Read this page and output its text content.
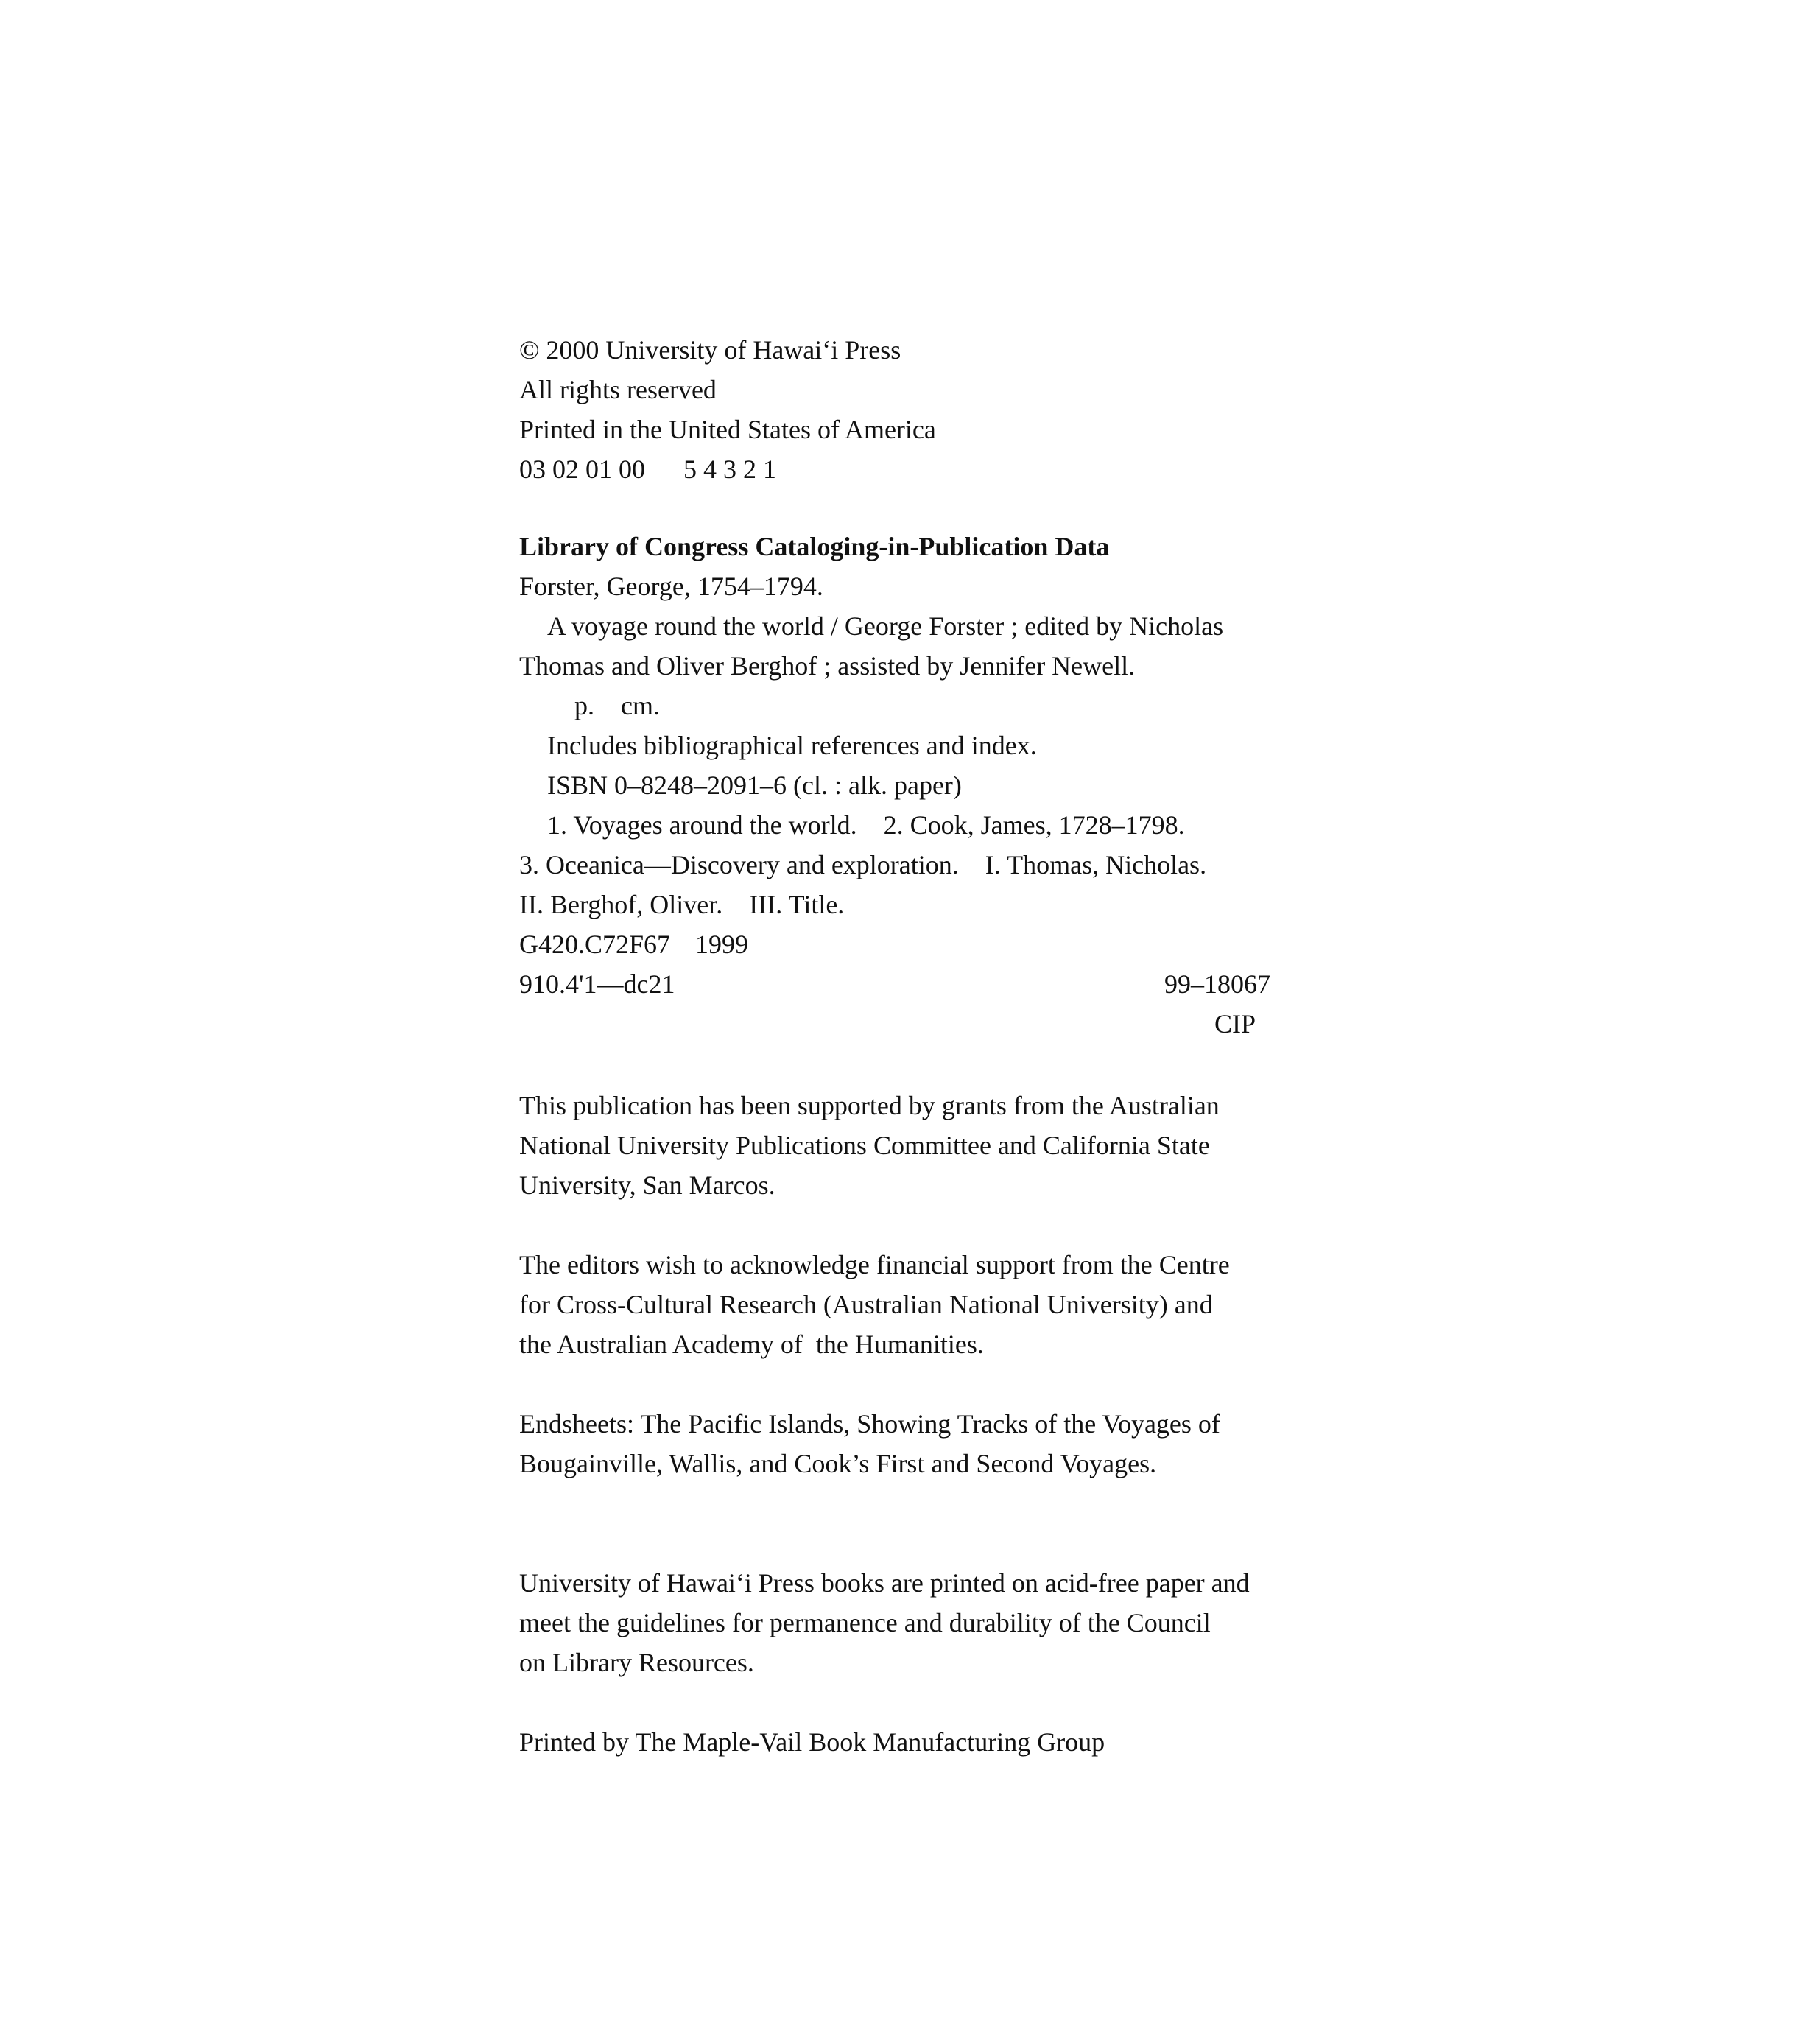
© 2000 University of Hawai‘i Press
All rights reserved
Printed in the United States of America
03 02 01 00 5 4 3 2 1
Library of Congress Cataloging-in-Publication Data
Forster, George, 1754–1794.
A voyage round the world / George Forster ; edited by Nicholas
Thomas and Oliver Berghof ; assisted by Jennifer Newell.
p.    cm.
Includes bibliographical references and index.
ISBN 0–8248–2091–6 (cl. : alk. paper)
1. Voyages around the world.    2. Cook, James, 1728–1798.
3. Oceanica—Discovery and exploration.    I. Thomas, Nicholas.
II. Berghof, Oliver.    III. Title.
G420.C72F67 1999
910.4'1—dc21	99–18067
CIP
This publication has been supported by grants from the Australian
National University Publications Committee and California State
University, San Marcos.
The editors wish to acknowledge financial support from the Centre
for Cross-Cultural Research (Australian National University) and
the Australian Academy of  the Humanities.
Endsheets: The Pacific Islands, Showing Tracks of the Voyages of
Bougainville, Wallis, and Cook’s First and Second Voyages.
University of Hawai‘i Press books are printed on acid-free paper and
meet the guidelines for permanence and durability of the Council
on Library Resources.
Printed by The Maple-Vail Book Manufacturing Group
